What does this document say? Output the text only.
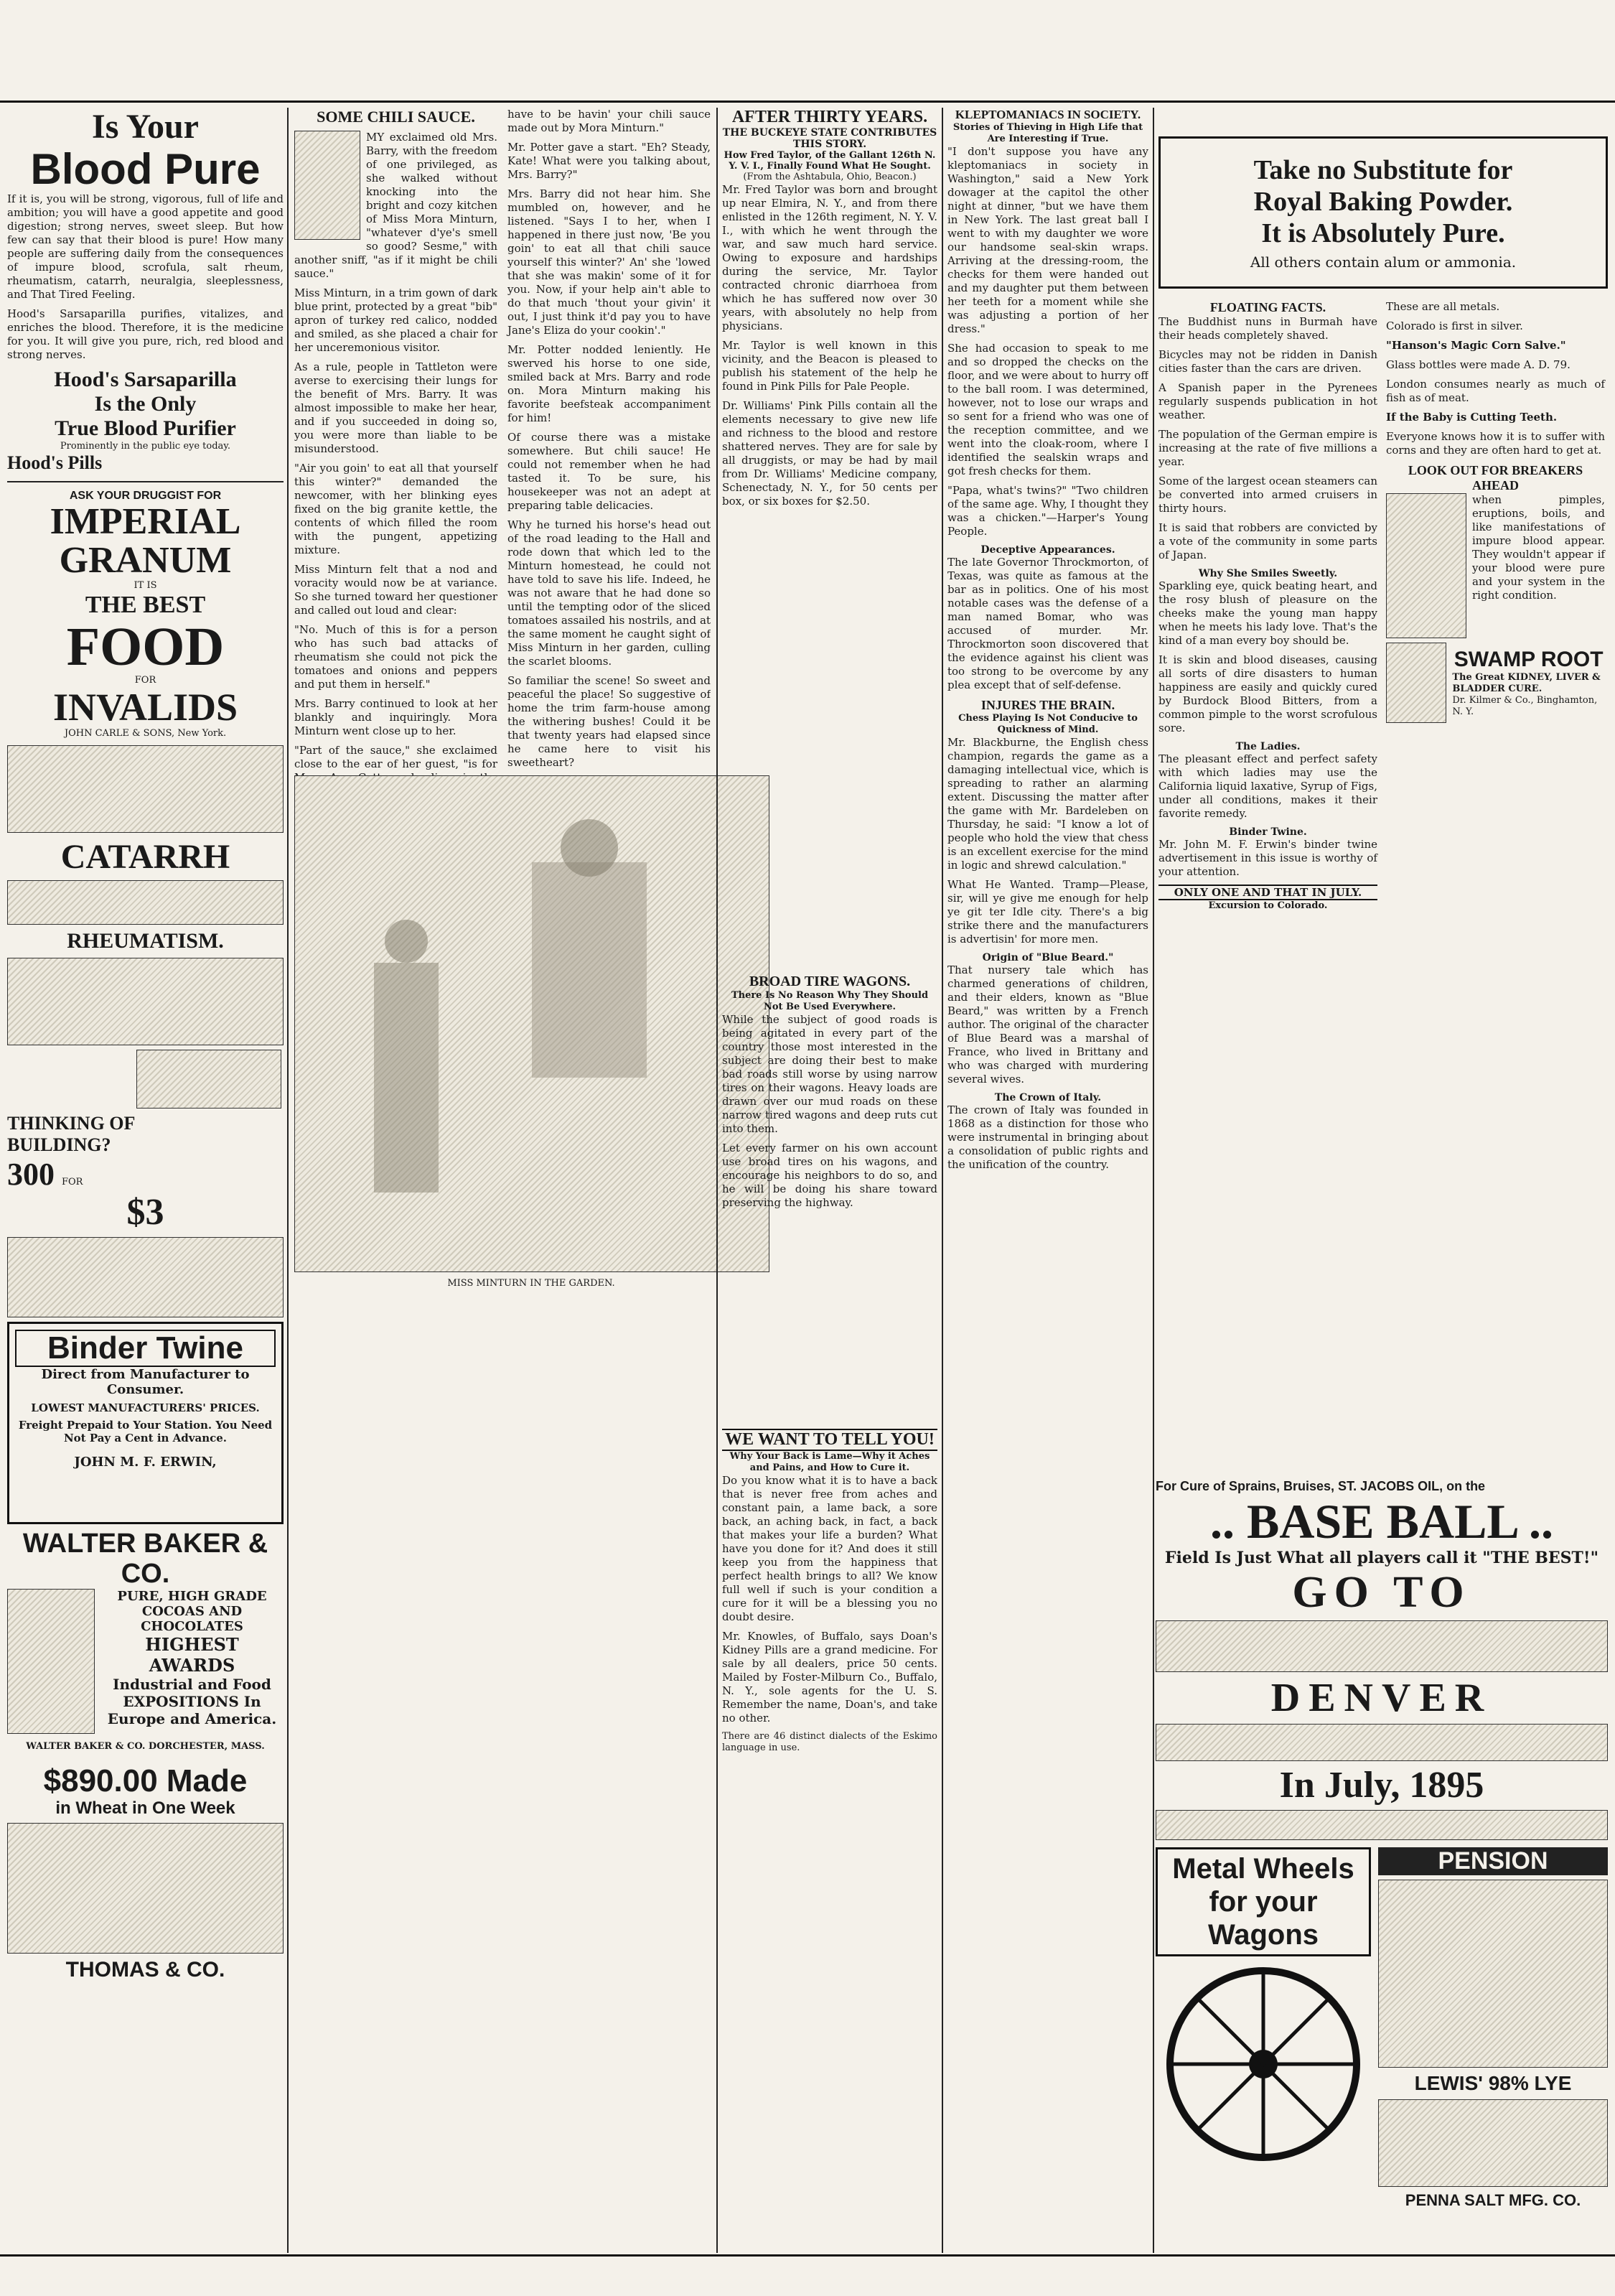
Is Your
Blood Pure

If it is, you will be strong, vigorous, full of life and ambition; you will have a good appetite and good digestion; strong nerves, sweet sleep. But how few can say that their blood is pure! How many people are suffering daily from the consequences of impure blood, scrofula, salt rheum, rheumatism, catarrh, neuralgia, sleeplessness, and That Tired Feeling.

Hood's Sarsaparilla purifies, vitalizes, and enriches the blood. Therefore, it is the medicine for you. It will give you pure, rich, red blood and strong nerves.

Hood's Sarsaparilla
Is the Only
True Blood Purifier
Prominently in the public eye today.
Hood's Pills
ASK YOUR DRUGGIST FOR
IMPERIAL GRANUM
IT IS
THE BEST
FOOD
FOR
INVALIDS
JOHN CARLE & SONS, New York.
CATARRH
RHEUMATISM.
THINKING OF
BUILDING?
300 FOR
$3
Binder Twine
Direct from Manufacturer to Consumer.
LOWEST MANUFACTURERS' PRICES.
Freight Prepaid to Your Station. You Need Not Pay a Cent in Advance.
JOHN M. F. ERWIN,
WALTER BAKER & CO.
PURE, HIGH GRADE COCOAS AND CHOCOLATES
HIGHEST AWARDS
Industrial and Food EXPOSITIONS In Europe and America.
WALTER BAKER & CO. DORCHESTER, MASS.
$890.00 Made
in Wheat in One Week
THOMAS & CO.
SOME CHILI SAUCE.

MY exclaimed old Mrs. Barry, with the freedom of one privileged, as she walked without knocking into the bright and cozy kitchen of Miss Mora Minturn, "whatever d'ye's smell so good? Sesme," with another sniff, "as if it might be chili sauce."

Miss Minturn, in a trim gown of dark blue print, protected by a great "bib" apron of turkey red calico, nodded and smiled, as she placed a chair for her unceremonious visitor.

As a rule, people in Tattleton were averse to exercising their lungs for the benefit of Mrs. Barry. It was almost impossible to make her hear, and if you succeeded in doing so, you were more than liable to be misunderstood.

"Air you goin' to eat all that yourself this winter?" demanded the newcomer, with her blinking eyes fixed on the big granite kettle, the contents of which filled the room with the pungent, appetizing mixture.

Miss Minturn felt that a nod and voracity would now be at variance. So she turned toward her questioner and called out loud and clear:

"No. Much of this is for a person who has such bad attacks of rheumatism she could not pick the tomatoes and onions and peppers and put them in herself."

Mrs. Barry continued to look at her blankly and inquiringly. Mora Minturn went close up to her.

"Part of the sauce," she exclaimed close to the ear of her guest, "is for

have to be havin' your chili sauce made out by Mora Minturn."

Mr. Potter gave a start. "Eh? Steady, Kate! What were you talking about, Mrs. Barry?"

Mrs. Barry did not hear him. She mumbled on, however, and he listened. "Says I to her, when I happened in there just now, 'Be you goin' to eat all that chili sauce yourself this winter?' An' she 'lowed that she was makin' some of it for you. Now, if your help ain't able to do that much 'thout your givin' it out, I just think it'd pay you to have Jane's Eliza do your cookin'."

Mr. Potter nodded leniently. He swerved his horse to one side, smiled back at Mrs. Barry and rode on. Mora Minturn making his favorite beefsteak accompaniment for him!

Of course there was a mistake somewhere. But chili sauce! He could not remember when he had tasted it. To be sure, his housekeeper was not an adept at preparing table delicacies.

Why he turned his horse's head out of the road leading to the Hall and rode down that which led to the Minturn homestead, he could not have told to save his life. Indeed, he was not aware that he had done so until the tempting odor of the sliced tomatoes assailed his nostrils, and at the same moment he caught sight of Miss Minturn in her garden, culling the scarlet blooms.

So familiar the scene! So sweet and peaceful the place! So suggestive of home the trim farm-house among the withering bushes! Could it be that twenty years had elapsed since he came here to visit his sweetheart?

MISS MINTURN IN THE GARDEN.
AFTER THIRTY YEARS.
THE BUCKEYE STATE CONTRIBUTES THIS STORY.
How Fred Taylor, of the Gallant 126th N. Y. V. I., Finally Found What He Sought.
(From the Ashtabula, Ohio, Beacon.)

Mr. Fred Taylor was born and brought up near Elmira, N. Y., and from there enlisted in the 126th regiment, N. Y. V. I., with which he went through the war, and saw much hard service. Owing to exposure and hardships during the service, Mr. Taylor contracted chronic diarrhoea from which he has suffered now over 30 years, with absolutely no help from physicians.

Mr. Taylor is well known in this vicinity, and the Beacon is pleased to publish his statement of the help he found in Pink Pills for Pale People.

Dr. Williams' Pink Pills contain all the elements necessary to give new life and richness to the blood and restore shattered nerves. They are for sale by all druggists, or may be had by mail from Dr. Williams' Medicine company, Schenectady, N. Y., for 50 cents per box, or six boxes for $2.50.

BROAD TIRE WAGONS.
There Is No Reason Why They Should Not Be Used Everywhere.

While the subject of good roads is being agitated in every part of the country those most interested in the subject are doing their best to make bad roads still worse by using narrow tires on their wagons. Heavy loads are drawn over our mud roads on these narrow tired wagons and deep ruts cut into them.

Let every farmer on his own account use broad tires on his wagons, and encourage his neighbors to do so, and he will be doing his share toward preserving the highway.

WE WANT TO TELL YOU!
Why Your Back is Lame—Why it Aches and Pains, and How to Cure it.

Do you know what it is to have a back that is never free from aches and constant pain, a lame back, a sore back, an aching back, in fact, a back that makes your life a burden? What have you done for it? And does it still keep you from the happiness that perfect health brings to all? We know full well if such is your condition a cure for it will be a blessing you no doubt desire.

Mr. Knowles, of Buffalo, says Doan's Kidney Pills are a grand medicine. For sale by all dealers, price 50 cents. Mailed by Foster-Milburn Co., Buffalo, N. Y., sole agents for the U. S. Remember the name, Doan's, and take no other.

There are 46 distinct dialects of the Eskimo language in use.

KLEPTOMANIACS IN SOCIETY.
Stories of Thieving in High Life that Are Interesting if True.

"I don't suppose you have any kleptomaniacs in society in Washington," said a New York dowager at the capitol the other night at dinner, "but we have them in New York. The last great ball I went to with my daughter we wore our handsome seal-skin wraps. Arriving at the dressing-room, the checks for them were handed out and my daughter put them between her teeth for a moment while she was adjusting a portion of her dress."

She had occasion to speak to me and so dropped the checks on the floor, and we were about to hurry off to the ball room. I was determined, however, not to lose our wraps and so sent for a friend who was one of the reception committee, and we went into the cloak-room, where I identified the sealskin wraps and got fresh checks for them.

"Papa, what's twins?" "Two children of the same age. Why, I thought they was a chicken."—Harper's Young People.

Deceptive Appearances.

The late Governor Throckmorton, of Texas, was quite as famous at the bar as in politics. One of his most notable cases was the defense of a man named Bomar, who was accused of murder. Mr. Throckmorton soon discovered that the evidence against his client was too strong to be overcome by any plea except that of self-defense.

INJURES THE BRAIN.
Chess Playing Is Not Conducive to Quickness of Mind.

Mr. Blackburne, the English chess champion, regards the game as a damaging intellectual vice, which is spreading to rather an alarming extent. Discussing the matter after the game with Mr. Bardeleben on Thursday, he said: "I know a lot of people who hold the view that chess is an excellent exercise for the mind in logic and shrewd calculation."

What He Wanted. Tramp—Please, sir, will ye give me enough for help ye git ter Idle city. There's a big strike there and the manufacturers is advertisin' for more men.

Origin of "Blue Beard."

That nursery tale which has charmed generations of children, and their elders, known as "Blue Beard," was written by a French author. The original of the character of Blue Beard was a marshal of France, who lived in Brittany and who was charged with murdering several wives.

The Crown of Italy.

The crown of Italy was founded in 1868 as a distinction for those who were instrumental in bringing about a consolidation of public rights and the unification of the country.

Take no Substitute for
Royal Baking Powder.
It is Absolutely Pure.
All others contain alum or ammonia.
FLOATING FACTS.

The Buddhist nuns in Burmah have their heads completely shaved.

Bicycles may not be ridden in Danish cities faster than the cars are driven.

A Spanish paper in the Pyrenees regularly suspends publication in hot weather.

The population of the German empire is increasing at the rate of five millions a year.

Some of the largest ocean steamers can be converted into armed cruisers in thirty hours.

It is said that robbers are convicted by a vote of the community in some parts of Japan.

Why She Smiles Sweetly.

Sparkling eye, quick beating heart, and the rosy blush of pleasure on the cheeks make the young man happy when he meets his lady love. That's the kind of a man every boy should be.

It is skin and blood diseases, causing all sorts of dire disasters to human happiness are easily and quickly cured by Burdock Blood Bitters, from a common pimple to the worst scrofulous sore.

The Ladies.

The pleasant effect and perfect safety with which ladies may use the California liquid laxative, Syrup of Figs, under all conditions, makes it their favorite remedy.

Binder Twine.

Mr. John M. F. Erwin's binder twine advertisement in this issue is worthy of your attention.

ONLY ONE AND THAT IN JULY.
Excursion to Colorado.

These are all metals.

Colorado is first in silver.

"Hanson's Magic Corn Salve."

Glass bottles were made A. D. 79.

London consumes nearly as much of fish as of meat.

If the Baby is Cutting Teeth.

Everyone knows how it is to suffer with corns and they are often hard to get at.

LOOK OUT FOR BREAKERS AHEAD

when pimples, eruptions, boils, and like manifestations of impure blood appear. They wouldn't appear if your blood were pure and your system in the right condition.

SWAMP ROOT
The Great KIDNEY, LIVER & BLADDER CURE.
Dr. Kilmer & Co., Binghamton, N. Y.
For Cure of Sprains, Bruises, ST. JACOBS OIL, on the
.. BASE BALL ..
Field Is Just What all players call it "THE BEST!"
GO TO
DENVER
In July, 1895
Metal Wheels for your Wagons
PENSION
LEWIS' 98% LYE
PENNA SALT MFG. CO.
